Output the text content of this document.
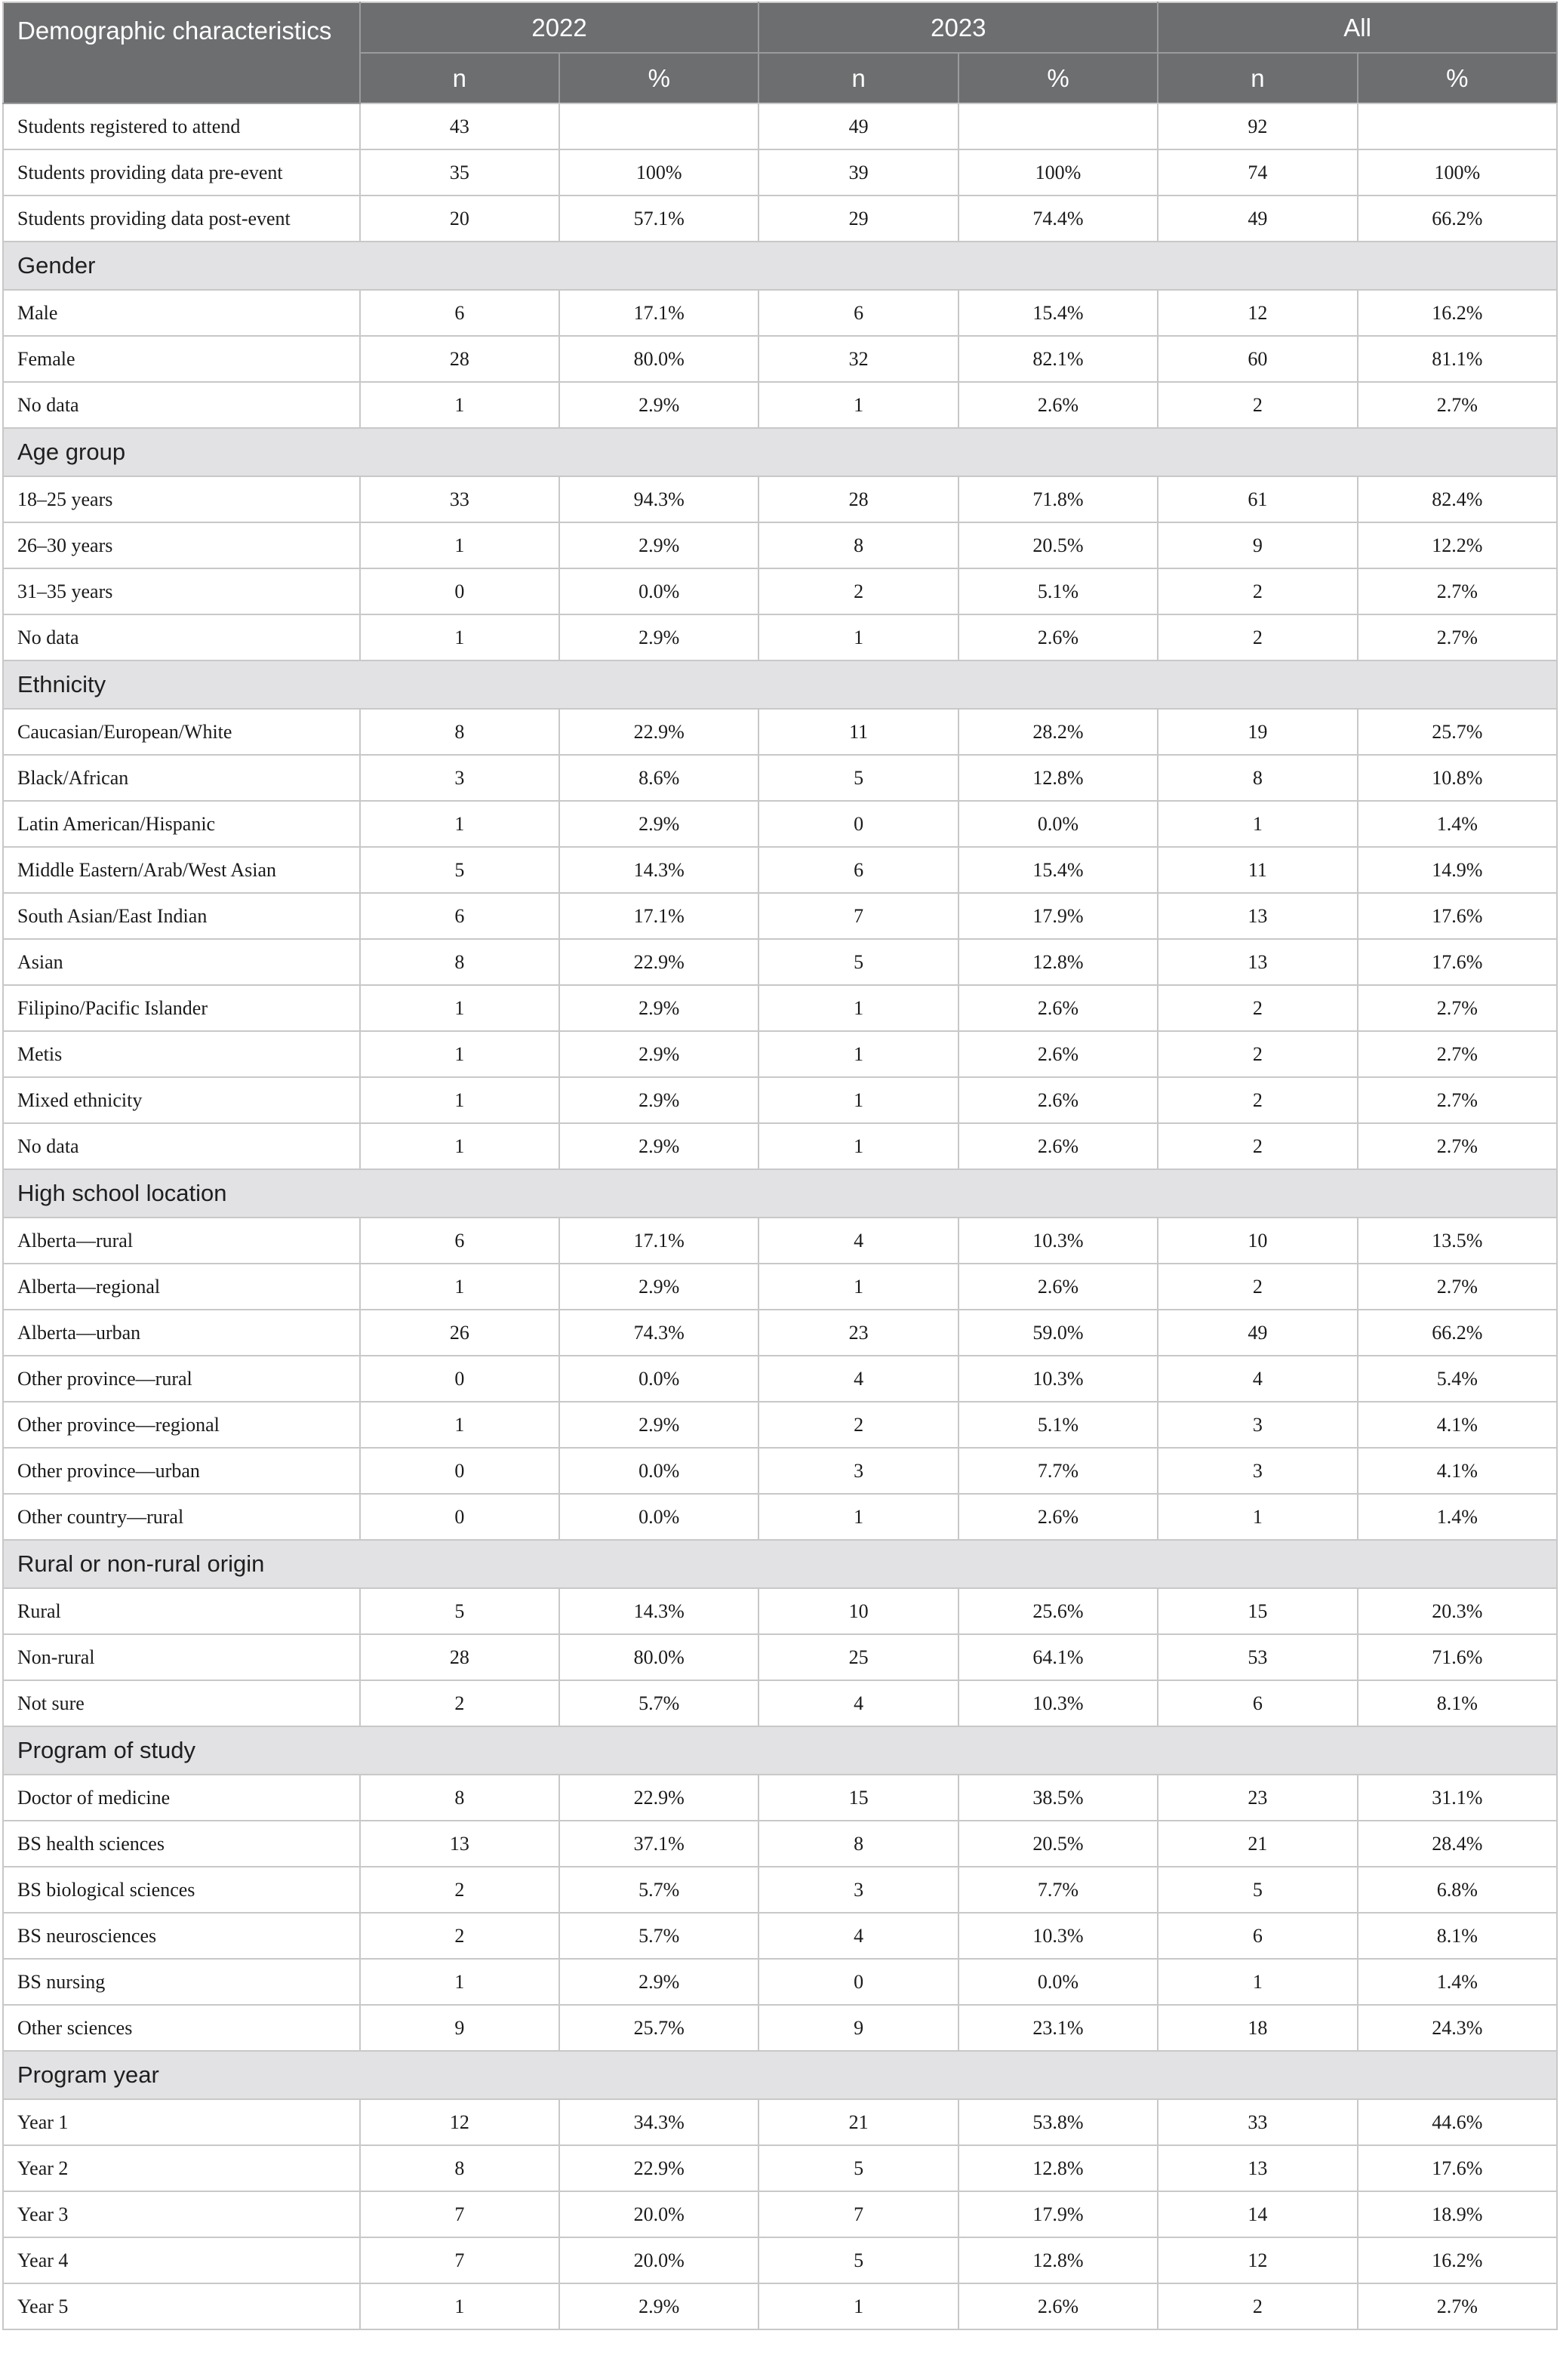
Demographic characteristics	2022		2023		All	
	n	%	n	%	n	%
Students registered to attend	43		49		92	
Students providing data pre-event	35	100%	39	100%	74	100%
Students providing data post-event	20	57.1%	29	74.4%	49	66.2%
Gender						
Male	6	17.1%	6	15.4%	12	16.2%
Female	28	80.0%	32	82.1%	60	81.1%
No data	1	2.9%	1	2.6%	2	2.7%
Age group						
18–25 years	33	94.3%	28	71.8%	61	82.4%
26–30 years	1	2.9%	8	20.5%	9	12.2%
31–35 years	0	0.0%	2	5.1%	2	2.7%
No data	1	2.9%	1	2.6%	2	2.7%
Ethnicity						
Caucasian/European/White	8	22.9%	11	28.2%	19	25.7%
Black/African	3	8.6%	5	12.8%	8	10.8%
Latin American/Hispanic	1	2.9%	0	0.0%	1	1.4%
Middle Eastern/Arab/West Asian	5	14.3%	6	15.4%	11	14.9%
South Asian/East Indian	6	17.1%	7	17.9%	13	17.6%
Asian	8	22.9%	5	12.8%	13	17.6%
Filipino/Pacific Islander	1	2.9%	1	2.6%	2	2.7%
Metis	1	2.9%	1	2.6%	2	2.7%
Mixed ethnicity	1	2.9%	1	2.6%	2	2.7%
No data	1	2.9%	1	2.6%	2	2.7%
High school location						
Alberta—rural	6	17.1%	4	10.3%	10	13.5%
Alberta—regional	1	2.9%	1	2.6%	2	2.7%
Alberta—urban	26	74.3%	23	59.0%	49	66.2%
Other province—rural	0	0.0%	4	10.3%	4	5.4%
Other province—regional	1	2.9%	2	5.1%	3	4.1%
Other province—urban	0	0.0%	3	7.7%	3	4.1%
Other country—rural	0	0.0%	1	2.6%	1	1.4%
Rural or non-rural origin						
Rural	5	14.3%	10	25.6%	15	20.3%
Non-rural	28	80.0%	25	64.1%	53	71.6%
Not sure	2	5.7%	4	10.3%	6	8.1%
Program of study						
Doctor of medicine	8	22.9%	15	38.5%	23	31.1%
BS health sciences	13	37.1%	8	20.5%	21	28.4%
BS biological sciences	2	5.7%	3	7.7%	5	6.8%
BS neurosciences	2	5.7%	4	10.3%	6	8.1%
BS nursing	1	2.9%	0	0.0%	1	1.4%
Other sciences	9	25.7%	9	23.1%	18	24.3%
Program year						
Year 1	12	34.3%	21	53.8%	33	44.6%
Year 2	8	22.9%	5	12.8%	13	17.6%
Year 3	7	20.0%	7	17.9%	14	18.9%
Year 4	7	20.0%	5	12.8%	12	16.2%
Year 5	1	2.9%	1	2.6%	2	2.7%
